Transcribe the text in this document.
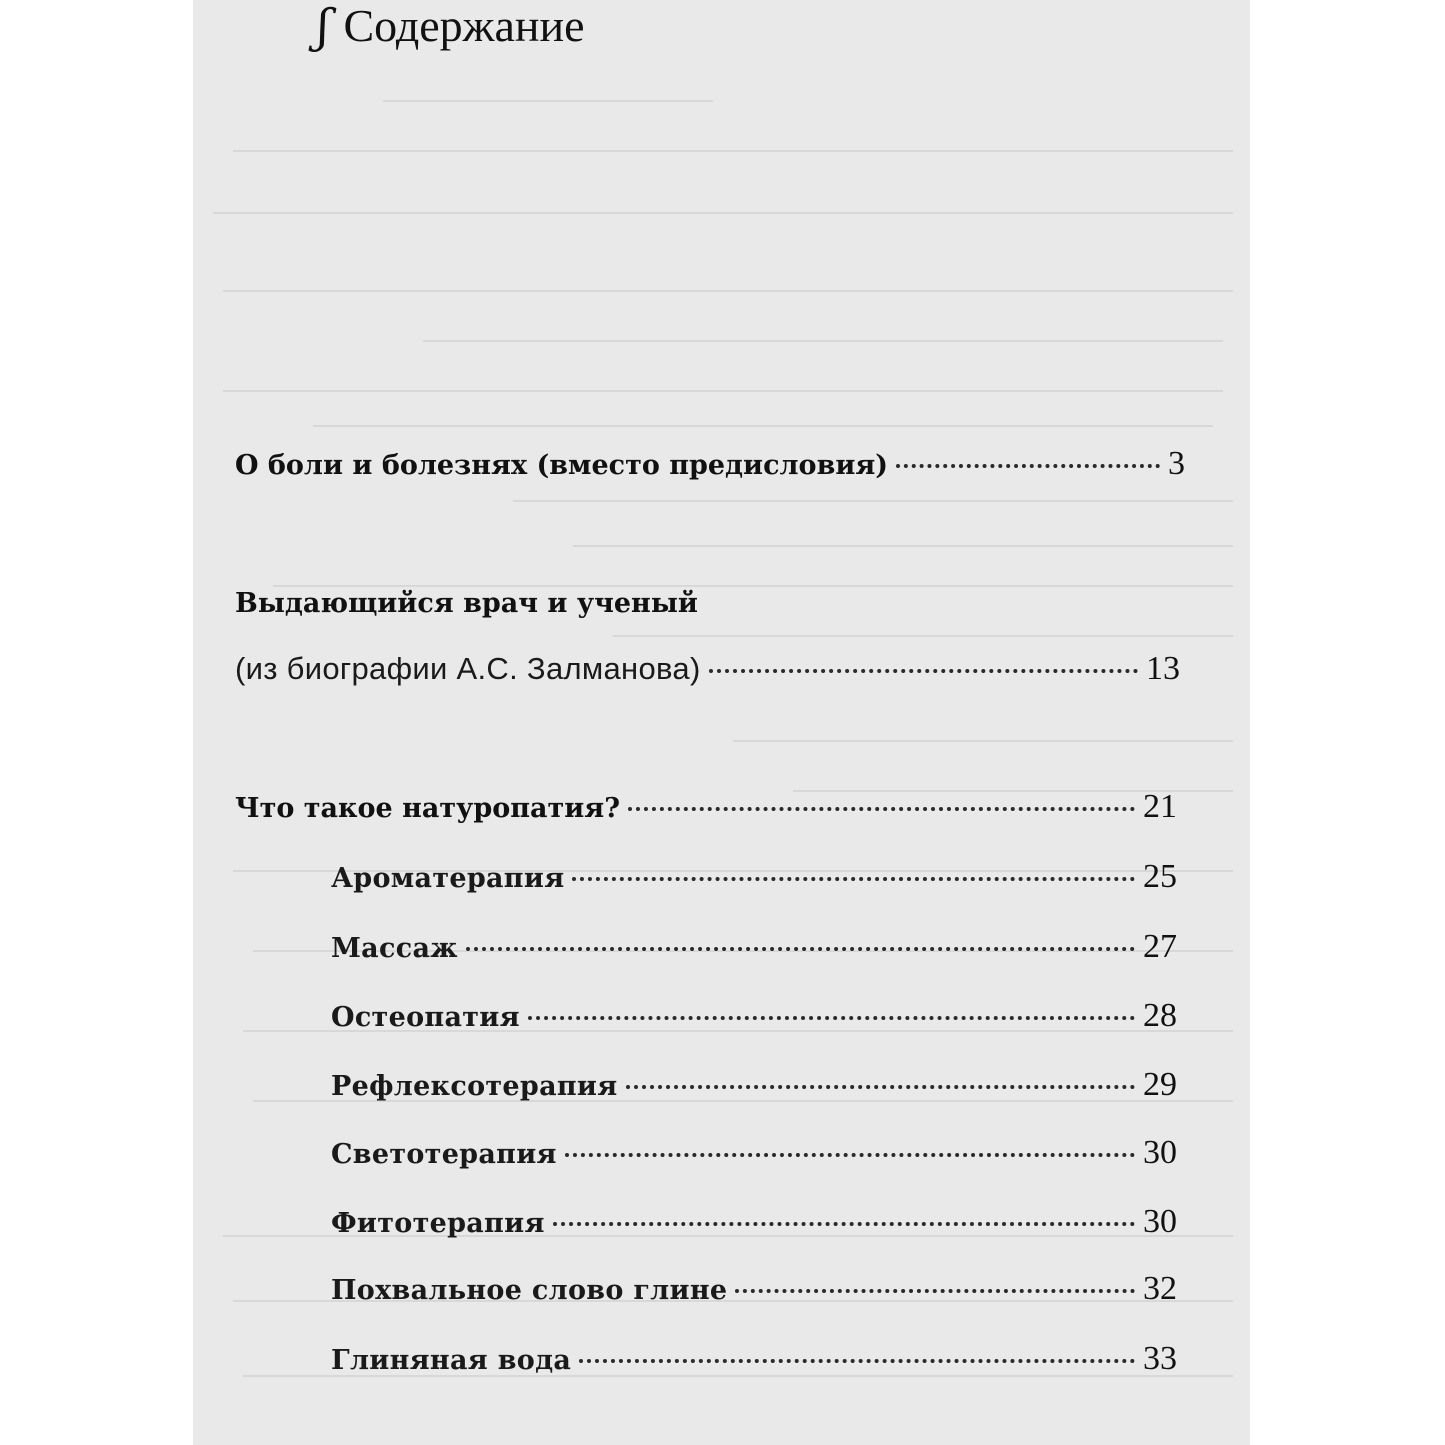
ʃ Содержание
О боли и болезнях (вместо предисловия)	3
Выдающийся врач и ученый
(из биографии А.С. Залманова)	13
Что такое натуропатия?	21
Ароматерапия	25
Массаж	27
Остеопатия	28
Рефлексотерапия	29
Светотерапия	30
Фитотерапия	30
Похвальное слово глине	32
Глиняная вода	33
